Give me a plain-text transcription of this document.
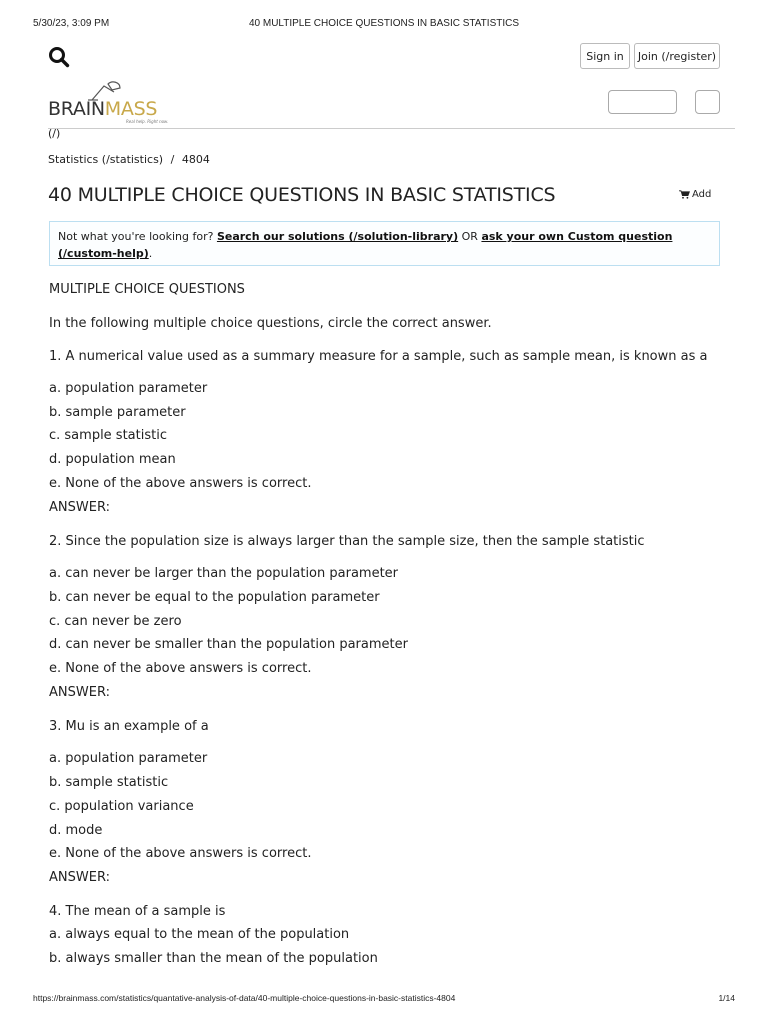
5/30/23, 3:09 PM	40 MULTIPLE CHOICE QUESTIONS IN BASIC STATISTICS
Sign in	Join (/register)
BRAINMASS
Real help. Right now.
(/)
Statistics (/statistics) / 4804
40 MULTIPLE CHOICE QUESTIONS IN BASIC STATISTICS	Add
Not what you're looking for? Search our solutions (/solution-library) OR ask your own Custom question (/custom-help).
MULTIPLE CHOICE QUESTIONS
In the following multiple choice questions, circle the correct answer.
1. A numerical value used as a summary measure for a sample, such as sample mean, is known as a
a. population parameter
b. sample parameter
c. sample statistic
d. population mean
e. None of the above answers is correct.
ANSWER:
2. Since the population size is always larger than the sample size, then the sample statistic
a. can never be larger than the population parameter
b. can never be equal to the population parameter
c. can never be zero
d. can never be smaller than the population parameter
e. None of the above answers is correct.
ANSWER:
3. Mu is an example of a
a. population parameter
b. sample statistic
c. population variance
d. mode
e. None of the above answers is correct.
ANSWER:
4. The mean of a sample is
a. always equal to the mean of the population
b. always smaller than the mean of the population
https://brainmass.com/statistics/quantative-analysis-of-data/40-multiple-choice-questions-in-basic-statistics-4804	1/14
